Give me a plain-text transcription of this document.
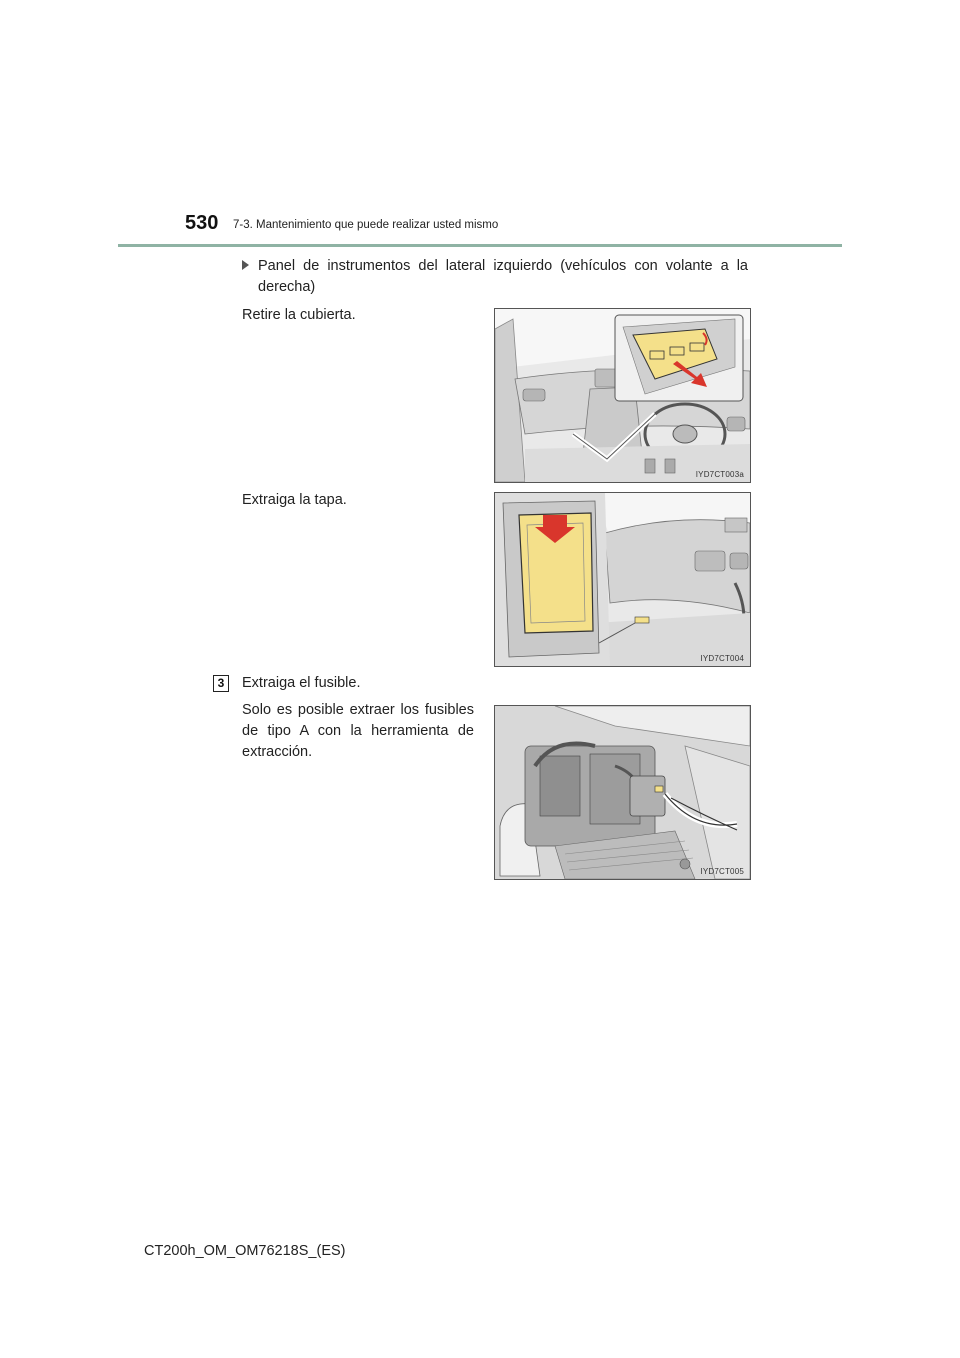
530 7-3. Mantenimiento que puede realizar usted mismo
Panel de instrumentos del lateral izquierdo (vehículos con volante a la derecha)
Retire la cubierta.
IYD7CT003a
Extraiga la tapa.
IYD7CT004
3	Extraiga el fusible.
Solo es posible extraer los fusibles de tipo A con la herramienta de extracción.
IYD7CT005
CT200h_OM_OM76218S_(ES)
